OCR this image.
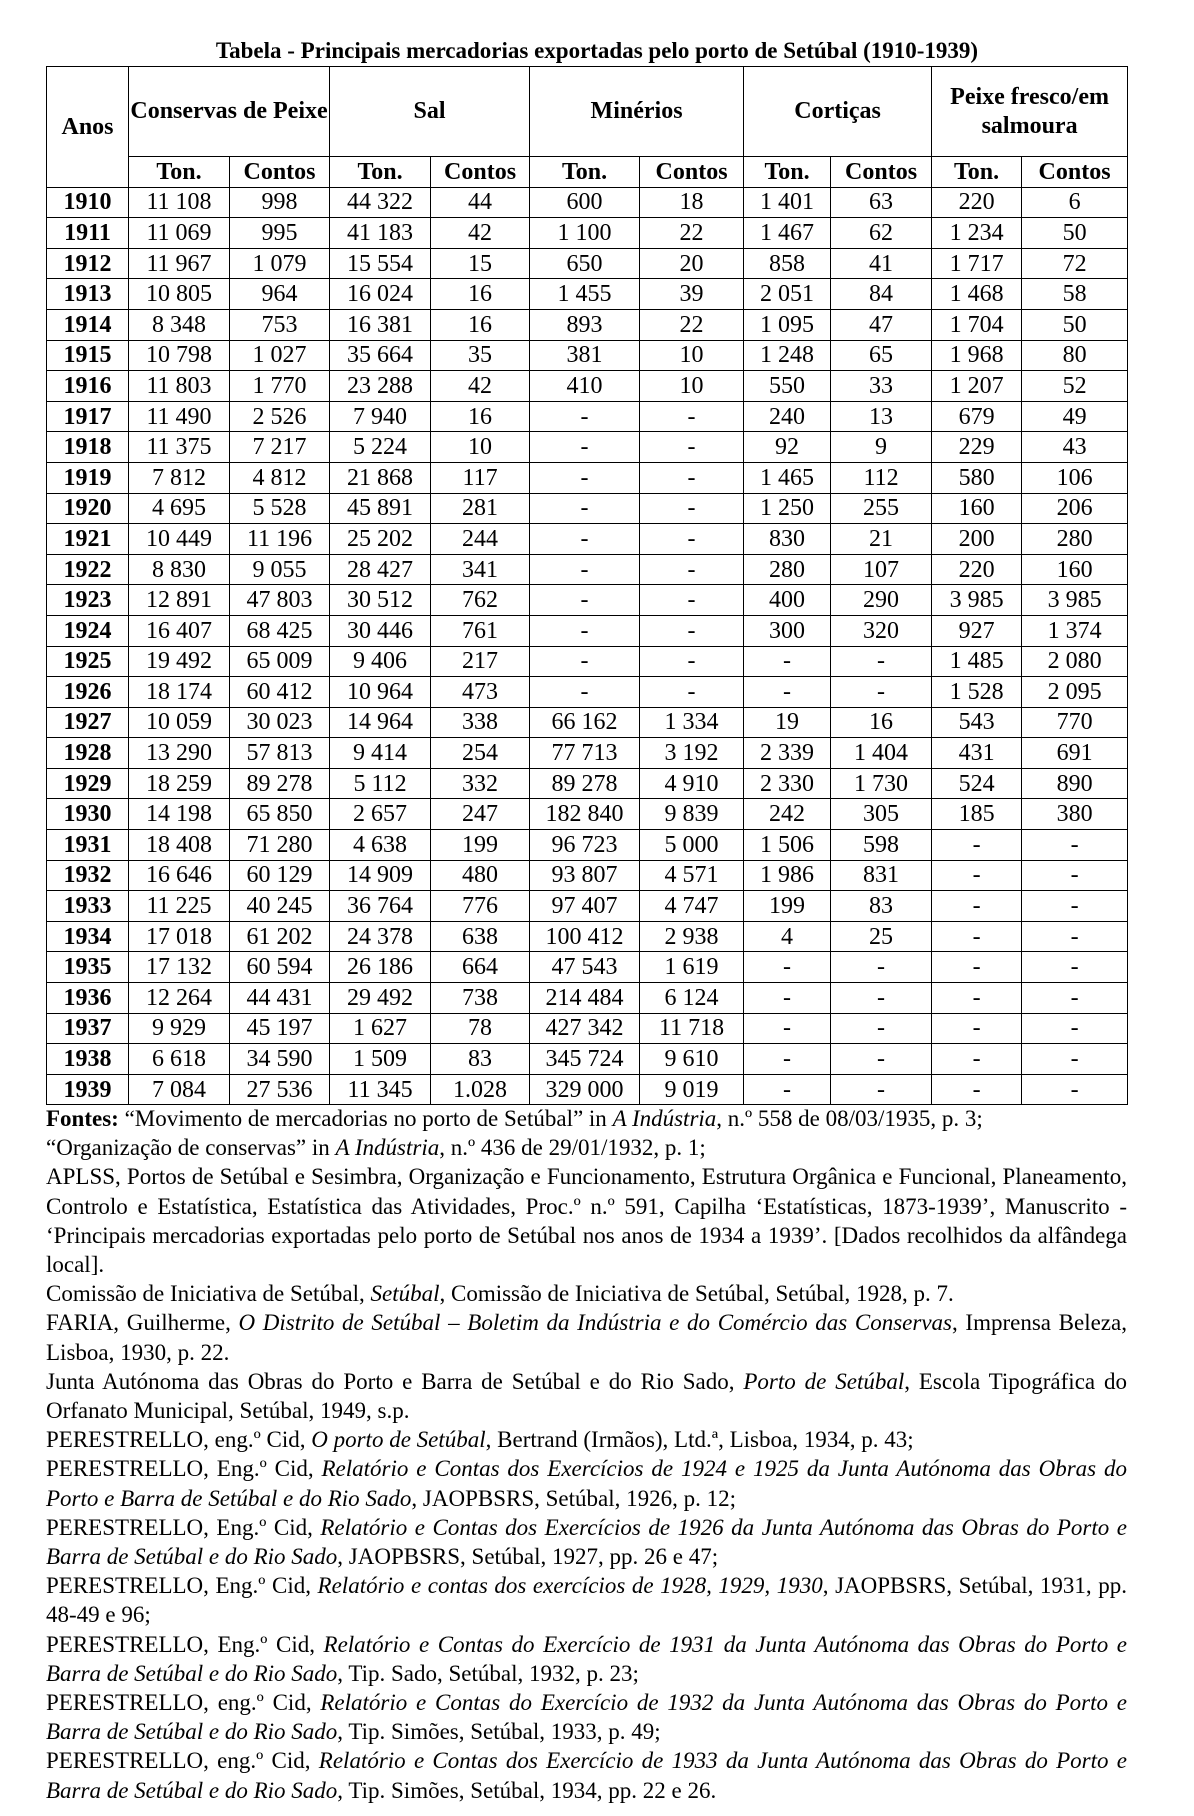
Tabela - Principais mercadorias exportadas pelo porto de Setúbal (1910-1939)
Anos	Conservas de Peixe		Sal		Minérios		Cortiças		Peixe fresco/em salmoura	
	Ton.	Contos	Ton.	Contos	Ton.	Contos	Ton.	Contos	Ton.	Contos
1910	11 108	998	44 322	44	600	18	1 401	63	220	6
1911	11 069	995	41 183	42	1 100	22	1 467	62	1 234	50
1912	11 967	1 079	15 554	15	650	20	858	41	1 717	72
1913	10 805	964	16 024	16	1 455	39	2 051	84	1 468	58
1914	8 348	753	16 381	16	893	22	1 095	47	1 704	50
1915	10 798	1 027	35 664	35	381	10	1 248	65	1 968	80
1916	11 803	1 770	23 288	42	410	10	550	33	1 207	52
1917	11 490	2 526	7 940	16	-	-	240	13	679	49
1918	11 375	7 217	5 224	10	-	-	92	9	229	43
1919	7 812	4 812	21 868	117	-	-	1 465	112	580	106
1920	4 695	5 528	45 891	281	-	-	1 250	255	160	206
1921	10 449	11 196	25 202	244	-	-	830	21	200	280
1922	8 830	9 055	28 427	341	-	-	280	107	220	160
1923	12 891	47 803	30 512	762	-	-	400	290	3 985	3 985
1924	16 407	68 425	30 446	761	-	-	300	320	927	1 374
1925	19 492	65 009	9 406	217	-	-	-	-	1 485	2 080
1926	18 174	60 412	10 964	473	-	-	-	-	1 528	2 095
1927	10 059	30 023	14 964	338	66 162	1 334	19	16	543	770
1928	13 290	57 813	9 414	254	77 713	3 192	2 339	1 404	431	691
1929	18 259	89 278	5 112	332	89 278	4 910	2 330	1 730	524	890
1930	14 198	65 850	2 657	247	182 840	9 839	242	305	185	380
1931	18 408	71 280	4 638	199	96 723	5 000	1 506	598	-	-
1932	16 646	60 129	14 909	480	93 807	4 571	1 986	831	-	-
1933	11 225	40 245	36 764	776	97 407	4 747	199	83	-	-
1934	17 018	61 202	24 378	638	100 412	2 938	4	25	-	-
1935	17 132	60 594	26 186	664	47 543	1 619	-	-	-	-
1936	12 264	44 431	29 492	738	214 484	6 124	-	-	-	-
1937	9 929	45 197	1 627	78	427 342	11 718	-	-	-	-
1938	6 618	34 590	1 509	83	345 724	9 610	-	-	-	-
1939	7 084	27 536	11 345	1.028	329 000	9 019	-	-	-	-

Fontes: “Movimento de mercadorias no porto de Setúbal” in A Indústria, n.º 558 de 08/03/1935, p. 3;

“Organização de conservas” in A Indústria, n.º 436 de 29/01/1932, p. 1;

APLSS, Portos de Setúbal e Sesimbra, Organização e Funcionamento, Estrutura Orgânica e Funcional, Planeamento, Controlo e Estatística, Estatística das Atividades, Proc.º n.º 591, Capilha ‘Estatísticas, 1873-1939’, Manuscrito - ‘Principais mercadorias exportadas pelo porto de Setúbal nos anos de 1934 a 1939’. [Dados recolhidos da alfândega local].

Comissão de Iniciativa de Setúbal, Setúbal, Comissão de Iniciativa de Setúbal, Setúbal, 1928, p. 7.

FARIA, Guilherme, O Distrito de Setúbal – Boletim da Indústria e do Comércio das Conservas, Imprensa Beleza, Lisboa, 1930, p. 22.

Junta Autónoma das Obras do Porto e Barra de Setúbal e do Rio Sado, Porto de Setúbal, Escola Tipográfica do Orfanato Municipal, Setúbal, 1949, s.p.

PERESTRELLO, eng.º Cid, O porto de Setúbal, Bertrand (Irmãos), Ltd.ª, Lisboa, 1934, p. 43;

PERESTRELLO, Eng.º Cid, Relatório e Contas dos Exercícios de 1924 e 1925 da Junta Autónoma das Obras do Porto e Barra de Setúbal e do Rio Sado, JAOPBSRS, Setúbal, 1926, p. 12;

PERESTRELLO, Eng.º Cid, Relatório e Contas dos Exercícios de 1926 da Junta Autónoma das Obras do Porto e Barra de Setúbal e do Rio Sado, JAOPBSRS, Setúbal, 1927, pp. 26 e 47;

PERESTRELLO, Eng.º Cid, Relatório e contas dos exercícios de 1928, 1929, 1930, JAOPBSRS, Setúbal, 1931, pp. 48-49 e 96;

PERESTRELLO, Eng.º Cid, Relatório e Contas do Exercício de 1931 da Junta Autónoma das Obras do Porto e Barra de Setúbal e do Rio Sado, Tip. Sado, Setúbal, 1932, p. 23;

PERESTRELLO, eng.º Cid, Relatório e Contas do Exercício de 1932 da Junta Autónoma das Obras do Porto e Barra de Setúbal e do Rio Sado, Tip. Simões, Setúbal, 1933, p. 49;

PERESTRELLO, eng.º Cid, Relatório e Contas dos Exercício de 1933 da Junta Autónoma das Obras do Porto e Barra de Setúbal e do Rio Sado, Tip. Simões, Setúbal, 1934, pp. 22 e 26.
